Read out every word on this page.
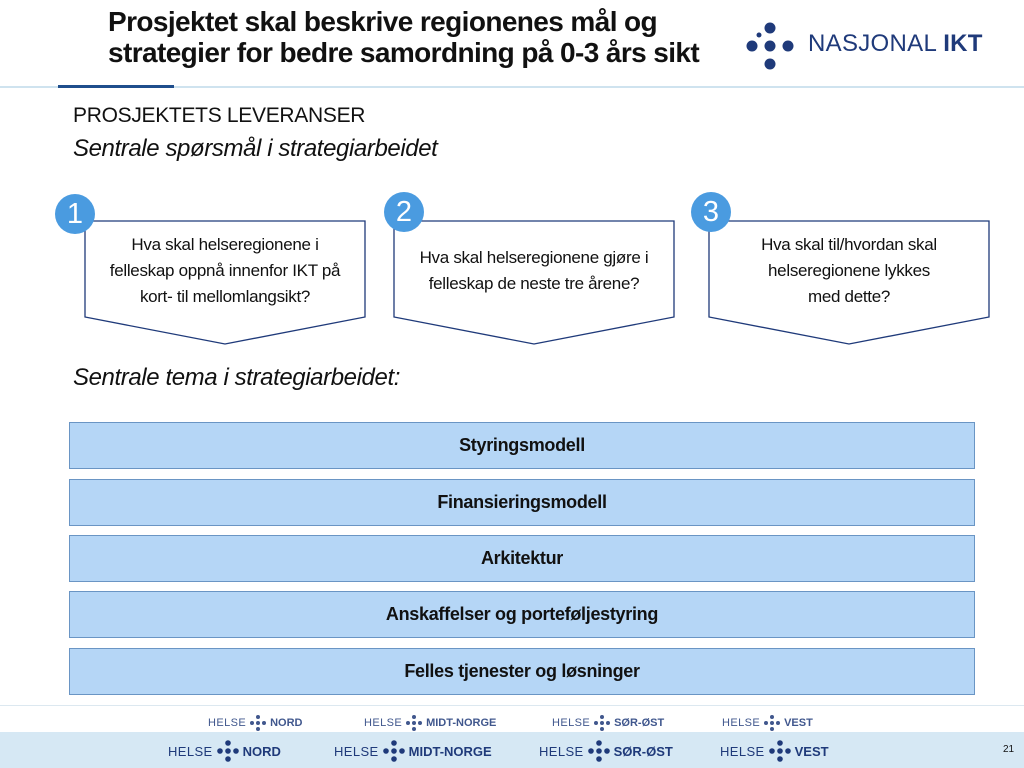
Prosjektet skal beskrive regionenes mål og
strategier for bedre samordning på 0-3 års sikt	NASJONAL IKT
PROSJEKTETS LEVERANSER
Sentrale spørsmål i strategiarbeidet
Hva skal helseregionene i
felleskap oppnå innenfor IKT på
kort- til mellomlangsikt?
Hva skal helseregionene gjøre i
felleskap de neste tre årene?
Hva skal til/hvordan skal
helseregionene lykkes
med dette?
1	2	3
Sentrale tema i strategiarbeidet:
Styringsmodell
Finansieringsmodell
Arkitektur
Anskaffelser og porteføljestyring
Felles tjenester og løsninger
HELSE NORD	HELSE MIDT-NORGE	HELSE SØR-ØST	HELSE VEST
HELSE NORD	HELSE MIDT-NORGE	HELSE SØR-ØST	HELSE VEST	21
